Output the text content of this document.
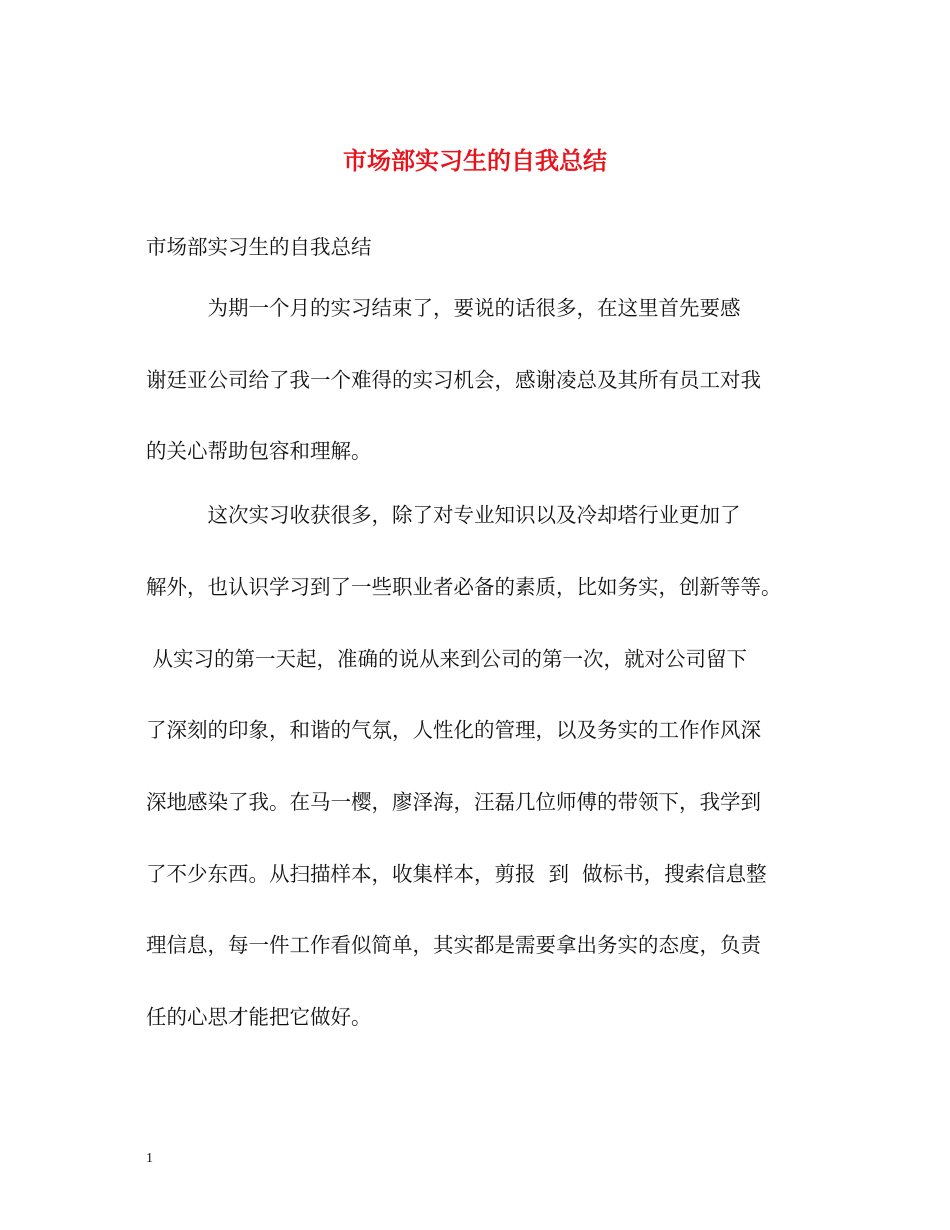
市场部实习生的自我总结
市场部实习生的自我总结
　　　为期一个月的实习结束了，要说的话很多，在这里首先要感
谢廷亚公司给了我一个难得的实习机会，感谢凌总及其所有员工对我
的关心帮助包容和理解。
　　　这次实习收获很多，除了对专业知识以及冷却塔行业更加了
解外，也认识学习到了一些职业者必备的素质，比如务实，创新等等。
从实习的第一天起，准确的说从来到公司的第一次，就对公司留下
了深刻的印象，和谐的气氛，人性化的管理，以及务实的工作作风深
深地感染了我。在马一樱，廖泽海，汪磊几位师傅的带领下，我学到
了不少东西。从扫描样本，收集样本，剪报  到  做标书，搜索信息整
理信息，每一件工作看似简单，其实都是需要拿出务实的态度，负责
任的心思才能把它做好。
1
